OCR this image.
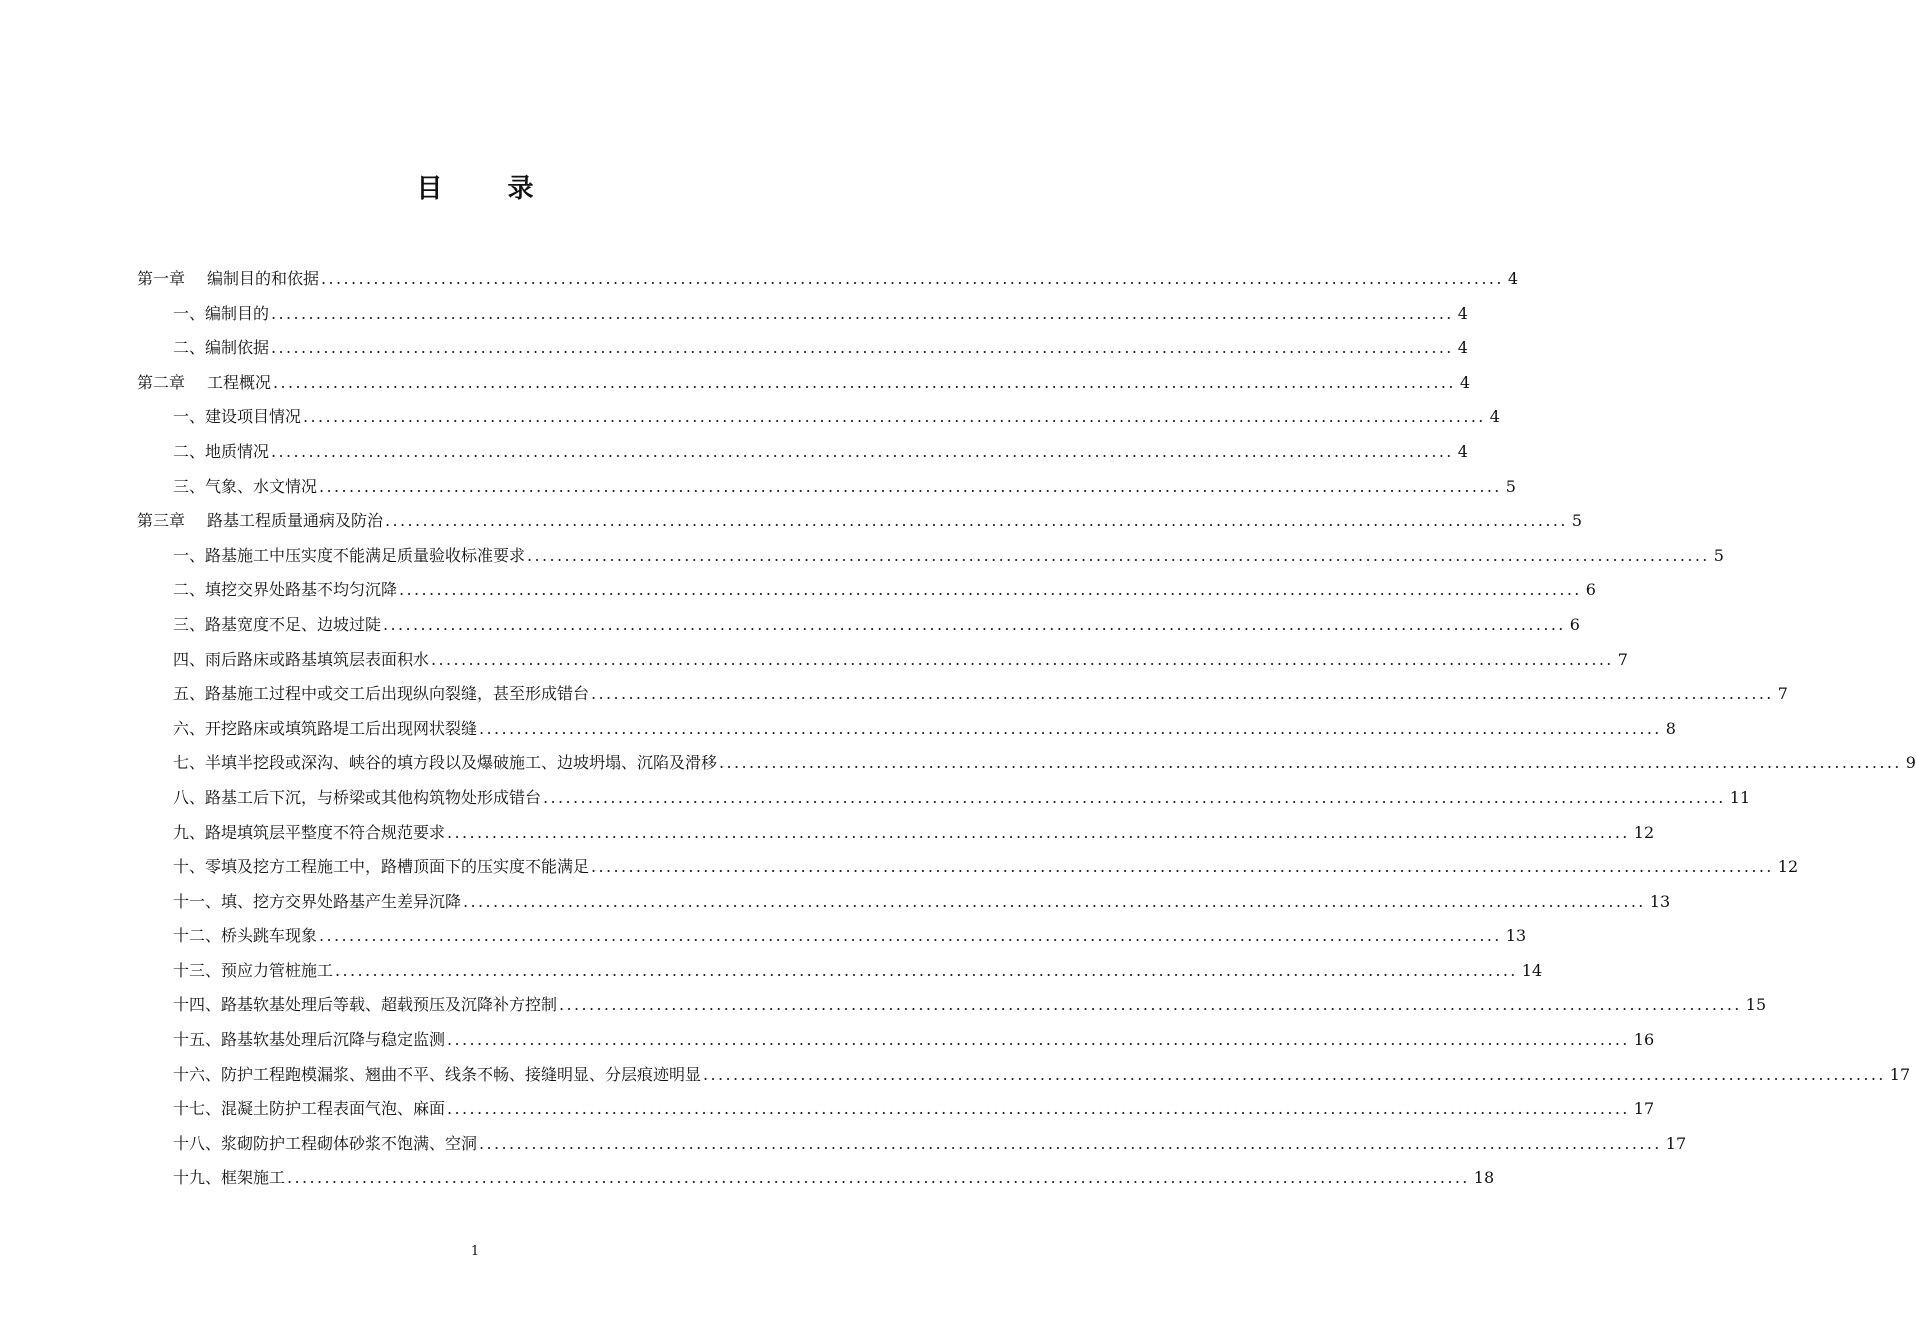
目 录
第一章 编制目的和依据 .............................................................................................................................................................. 4
一、编制目的 .............................................................................................................................................................. 4
二、编制依据 .............................................................................................................................................................. 4
第二章 工程概况 .............................................................................................................................................................. 4
一、建设项目情况 .............................................................................................................................................................. 4
二、地质情况 .............................................................................................................................................................. 4
三、气象、水文情况 .............................................................................................................................................................. 5
第三章 路基工程质量通病及防治 .............................................................................................................................................................. 5
一、路基施工中压实度不能满足质量验收标准要求 .............................................................................................................................................................. 5
二、填挖交界处路基不均匀沉降 .............................................................................................................................................................. 6
三、路基宽度不足、边坡过陡 .............................................................................................................................................................. 6
四、雨后路床或路基填筑层表面积水 .............................................................................................................................................................. 7
五、路基施工过程中或交工后出现纵向裂缝，甚至形成错台 .............................................................................................................................................................. 7
六、开挖路床或填筑路堤工后出现网状裂缝 .............................................................................................................................................................. 8
七、半填半挖段或深沟、峡谷的填方段以及爆破施工、边坡坍塌、沉陷及滑移 .............................................................................................................................................................. 9
八、路基工后下沉，与桥梁或其他构筑物处形成错台 .............................................................................................................................................................. 11
九、路堤填筑层平整度不符合规范要求 .............................................................................................................................................................. 12
十、零填及挖方工程施工中，路槽顶面下的压实度不能满足 .............................................................................................................................................................. 12
十一、填、挖方交界处路基产生差异沉降 .............................................................................................................................................................. 13
十二、桥头跳车现象 .............................................................................................................................................................. 13
十三、预应力管桩施工 .............................................................................................................................................................. 14
十四、路基软基处理后等载、超载预压及沉降补方控制 .............................................................................................................................................................. 15
十五、路基软基处理后沉降与稳定监测 .............................................................................................................................................................. 16
十六、防护工程跑模漏浆、翘曲不平、线条不畅、接缝明显、分层痕迹明显 .............................................................................................................................................................. 17
十七、混凝土防护工程表面气泡、麻面 .............................................................................................................................................................. 17
十八、浆砌防护工程砌体砂浆不饱满、空洞 .............................................................................................................................................................. 17
十九、框架施工 .............................................................................................................................................................. 18
1
